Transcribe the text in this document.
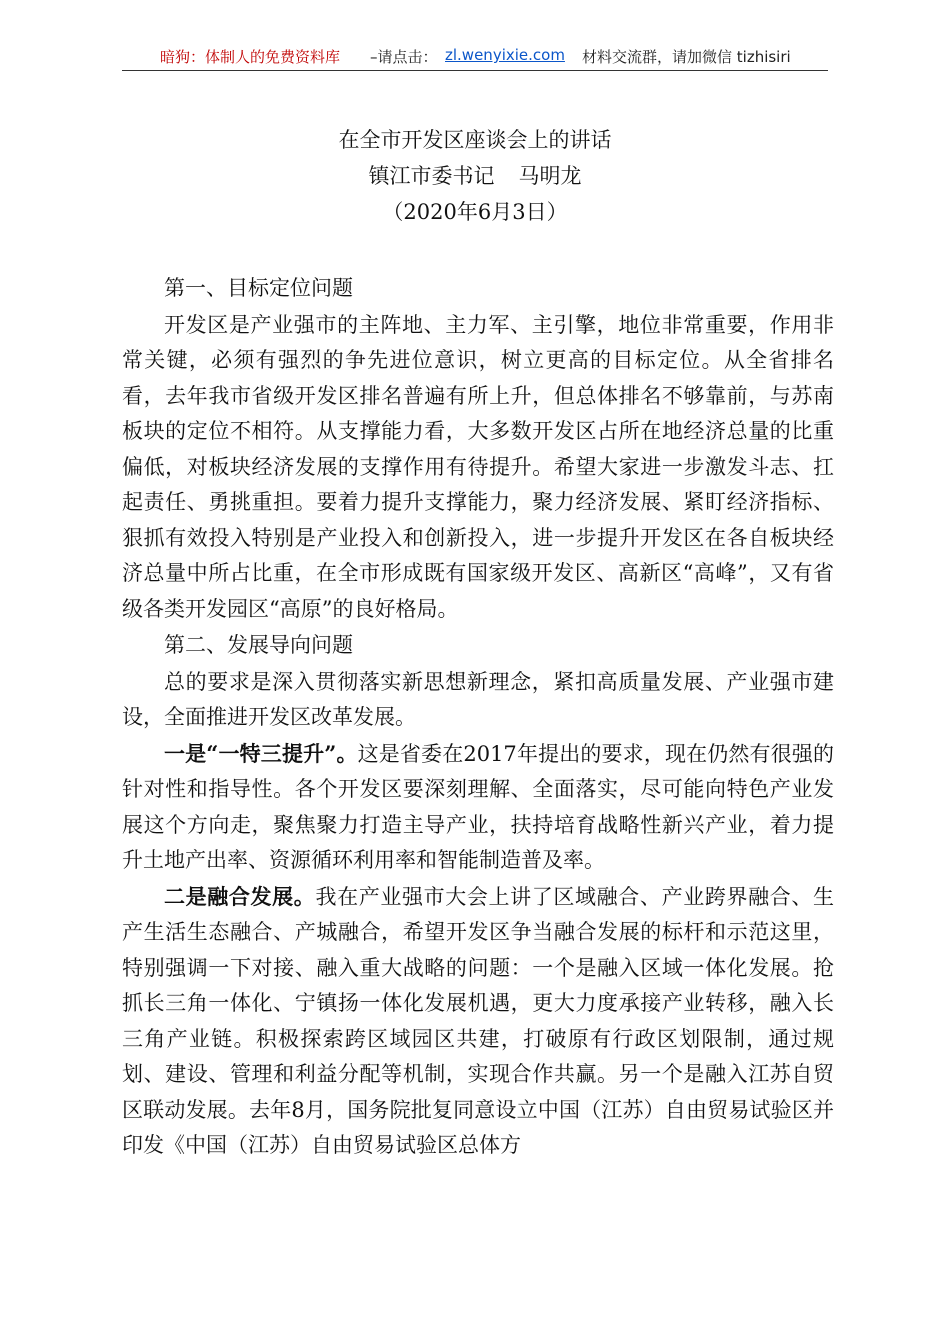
暗狗：体制人的免费资料库 –请点击： zl.wenyixie.com 材料交流群，请加微信 tizhisiri
在全市开发区座谈会上的讲话
镇江市委书记 马明龙
（2020年6月3日）

第一、目标定位问题

开发区是产业强市的主阵地、主力军、主引擎，地位非常重要，作用非常关键，必须有强烈的争先进位意识，树立更高的目标定位。从全省排名看，去年我市省级开发区排名普遍有所上升，但总体排名不够靠前，与苏南板块的定位不相符。从支撑能力看，大多数开发区占所在地经济总量的比重偏低，对板块经济发展的支撑作用有待提升。希望大家进一步激发斗志、扛起责任、勇挑重担。要着力提升支撑能力，聚力经济发展、紧盯经济指标、狠抓有效投入特别是产业投入和创新投入，进一步提升开发区在各自板块经济总量中所占比重，在全市形成既有国家级开发区、高新区“高峰”，又有省级各类开发园区“高原”的良好格局。

第二、发展导向问题

总的要求是深入贯彻落实新思想新理念，紧扣高质量发展、产业强市建设，全面推进开发区改革发展。

一是“一特三提升”。这是省委在2017年提出的要求，现在仍然有很强的针对性和指导性。各个开发区要深刻理解、全面落实，尽可能向特色产业发展这个方向走，聚焦聚力打造主导产业，扶持培育战略性新兴产业，着力提升土地产出率、资源循环利用率和智能制造普及率。

二是融合发展。我在产业强市大会上讲了区域融合、产业跨界融合、生产生活生态融合、产城融合，希望开发区争当融合发展的标杆和示范这里，特别强调一下对接、融入重大战略的问题：一个是融入区域一体化发展。抢抓长三角一体化、宁镇扬一体化发展机遇，更大力度承接产业转移，融入长三角产业链。积极探索跨区域园区共建，打破原有行政区划限制，通过规划、建设、管理和利益分配等机制，实现合作共赢。另一个是融入江苏自贸区联动发展。去年8月，国务院批复同意设立中国（江苏）自由贸易试验区并印发《中国（江苏）自由贸易试验区总体方
